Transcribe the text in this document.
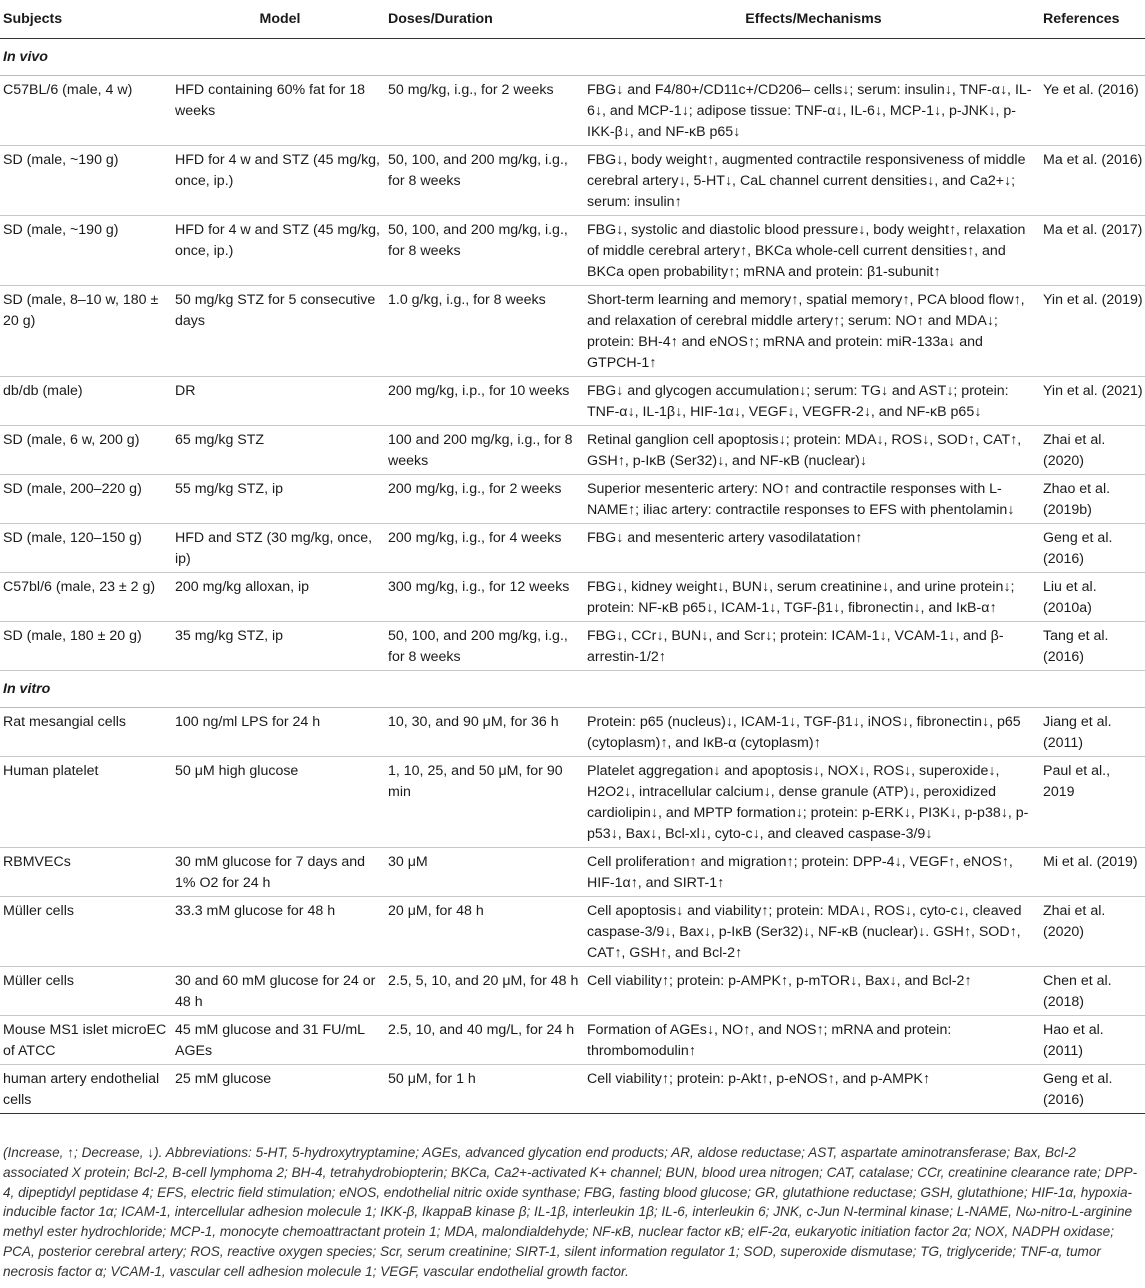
Subjects	Model	Doses/Duration	Effects/Mechanisms	References
In vivo				
C57BL/6 (male, 4 w)	HFD containing 60% fat for 18 weeks	50 mg/kg, i.g., for 2 weeks	FBG↓ and F4/80+/CD11c+/CD206– cells↓; serum: insulin↓, TNF-α↓, IL-6↓, and MCP-1↓; adipose tissue: TNF-α↓, IL-6↓, MCP-1↓, p-JNK↓, p-IKK-β↓, and NF-κB p65↓	Ye et al. (2016)
SD (male, ~190 g)	HFD for 4 w and STZ (45 mg/kg, once, ip.)	50, 100, and 200 mg/kg, i.g., for 8 weeks	FBG↓, body weight↑, augmented contractile responsiveness of middle cerebral artery↓, 5-HT↓, CaL channel current densities↓, and Ca2+↓; serum: insulin↑	Ma et al. (2016)
SD (male, ~190 g)	HFD for 4 w and STZ (45 mg/kg, once, ip.)	50, 100, and 200 mg/kg, i.g., for 8 weeks	FBG↓, systolic and diastolic blood pressure↓, body weight↑, relaxation of middle cerebral artery↑, BKCa whole-cell current densities↑, and BKCa open probability↑; mRNA and protein: β1-subunit↑	Ma et al. (2017)
SD (male, 8–10 w, 180 ± 20 g)	50 mg/kg STZ for 5 consecutive days	1.0 g/kg, i.g., for 8 weeks	Short-term learning and memory↑, spatial memory↑, PCA blood flow↑, and relaxation of cerebral middle artery↑; serum: NO↑ and MDA↓; protein: BH-4↑ and eNOS↑; mRNA and protein: miR-133a↓ and GTPCH-1↑	Yin et al. (2019)
db/db (male)	DR	200 mg/kg, i.p., for 10 weeks	FBG↓ and glycogen accumulation↓; serum: TG↓ and AST↓; protein: TNF-α↓, IL-1β↓, HIF-1α↓, VEGF↓, VEGFR-2↓, and NF-κB p65↓	Yin et al. (2021)
SD (male, 6 w, 200 g)	65 mg/kg STZ	100 and 200 mg/kg, i.g., for 8 weeks	Retinal ganglion cell apoptosis↓; protein: MDA↓, ROS↓, SOD↑, CAT↑, GSH↑, p-IκB (Ser32)↓, and NF-κB (nuclear)↓	Zhai et al. (2020)
SD (male, 200–220 g)	55 mg/kg STZ, ip	200 mg/kg, i.g., for 2 weeks	Superior mesenteric artery: NO↑ and contractile responses with L-NAME↑; iliac artery: contractile responses to EFS with phentolamin↓	Zhao et al. (2019b)
SD (male, 120–150 g)	HFD and STZ (30 mg/kg, once, ip)	200 mg/kg, i.g., for 4 weeks	FBG↓ and mesenteric artery vasodilatation↑	Geng et al. (2016)
C57bl/6 (male, 23 ± 2 g)	200 mg/kg alloxan, ip	300 mg/kg, i.g., for 12 weeks	FBG↓, kidney weight↓, BUN↓, serum creatinine↓, and urine protein↓; protein: NF-κB p65↓, ICAM-1↓, TGF-β1↓, fibronectin↓, and IκB-α↑	Liu et al. (2010a)
SD (male, 180 ± 20 g)	35 mg/kg STZ, ip	50, 100, and 200 mg/kg, i.g., for 8 weeks	FBG↓, CCr↓, BUN↓, and Scr↓; protein: ICAM-1↓, VCAM-1↓, and β-arrestin-1/2↑	Tang et al. (2016)
In vitro				
Rat mesangial cells	100 ng/ml LPS for 24 h	10, 30, and 90 μM, for 36 h	Protein: p65 (nucleus)↓, ICAM-1↓, TGF-β1↓, iNOS↓, fibronectin↓, p65 (cytoplasm)↑, and IκB-α (cytoplasm)↑	Jiang et al. (2011)
Human platelet	50 μM high glucose	1, 10, 25, and 50 μM, for 90 min	Platelet aggregation↓ and apoptosis↓, NOX↓, ROS↓, superoxide↓, H2O2↓, intracellular calcium↓, dense granule (ATP)↓, peroxidized cardiolipin↓, and MPTP formation↓; protein: p-ERK↓, PI3K↓, p-p38↓, p-p53↓, Bax↓, Bcl-xl↓, cyto-c↓, and cleaved caspase-3/9↓	Paul et al., 2019
RBMVECs	30 mM glucose for 7 days and 1% O2 for 24 h	30 μM	Cell proliferation↑ and migration↑; protein: DPP-4↓, VEGF↑, eNOS↑, HIF-1α↑, and SIRT-1↑	Mi et al. (2019)
Müller cells	33.3 mM glucose for 48 h	20 μM, for 48 h	Cell apoptosis↓ and viability↑; protein: MDA↓, ROS↓, cyto-c↓, cleaved caspase-3/9↓, Bax↓, p-IκB (Ser32)↓, NF-κB (nuclear)↓. GSH↑, SOD↑, CAT↑, GSH↑, and Bcl-2↑	Zhai et al. (2020)
Müller cells	30 and 60 mM glucose for 24 or 48 h	2.5, 5, 10, and 20 μM, for 48 h	Cell viability↑; protein: p-AMPK↑, p-mTOR↓, Bax↓, and Bcl-2↑	Chen et al. (2018)
Mouse MS1 islet microEC of ATCC	45 mM glucose and 31 FU/mL AGEs	2.5, 10, and 40 mg/L, for 24 h	Formation of AGEs↓, NO↑, and NOS↑; mRNA and protein: thrombomodulin↑	Hao et al. (2011)
human artery endothelial cells	25 mM glucose	50 μM, for 1 h	Cell viability↑; protein: p-Akt↑, p-eNOS↑, and p-AMPK↑	Geng et al. (2016)
(Increase, ↑; Decrease, ↓). Abbreviations: 5-HT, 5-hydroxytryptamine; AGEs, advanced glycation end products; AR, aldose reductase; AST, aspartate aminotransferase; Bax, Bcl-2 associated X protein; Bcl-2, B-cell lymphoma 2; BH-4, tetrahydrobiopterin; BKCa, Ca2+-activated K+ channel; BUN, blood urea nitrogen; CAT, catalase; CCr, creatinine clearance rate; DPP-4, dipeptidyl peptidase 4; EFS, electric field stimulation; eNOS, endothelial nitric oxide synthase; FBG, fasting blood glucose; GR, glutathione reductase; GSH, glutathione; HIF-1α, hypoxia-inducible factor 1α; ICAM-1, intercellular adhesion molecule 1; IKK-β, IkappaB kinase β; IL-1β, interleukin 1β; IL-6, interleukin 6; JNK, c-Jun N-terminal kinase; L-NAME, Nω-nitro-L-arginine methyl ester hydrochloride; MCP-1, monocyte chemoattractant protein 1; MDA, malondialdehyde; NF-κB, nuclear factor κB; eIF-2α, eukaryotic initiation factor 2α; NOX, NADPH oxidase; PCA, posterior cerebral artery; ROS, reactive oxygen species; Scr, serum creatinine; SIRT-1, silent information regulator 1; SOD, superoxide dismutase; TG, triglyceride; TNF-α, tumor necrosis factor α; VCAM-1, vascular cell adhesion molecule 1; VEGF, vascular endothelial growth factor.
